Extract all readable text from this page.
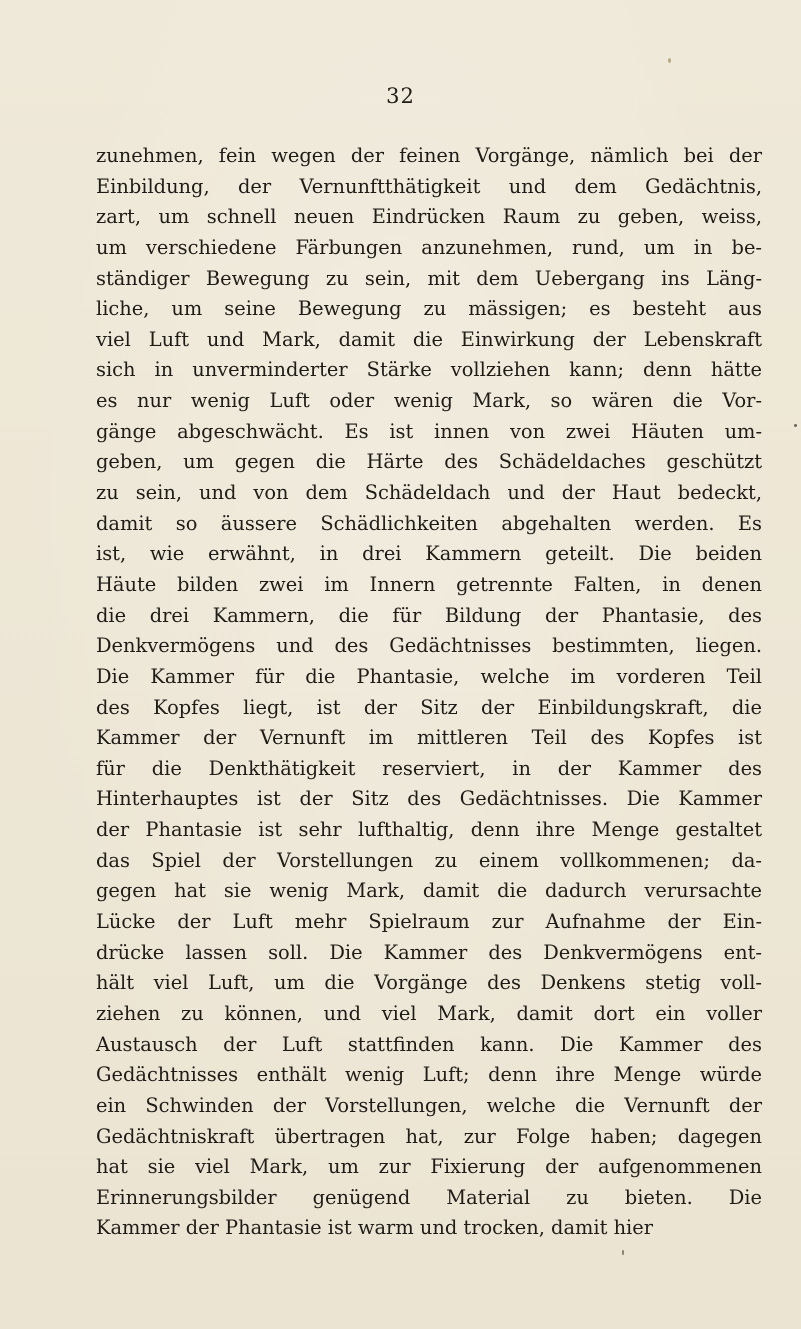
32
zunehmen, fein wegen der feinen Vorgänge, nämlich bei der
Einbildung, der Vernunftthätigkeit und dem Gedächtnis,
zart, um schnell neuen Eindrücken Raum zu geben, weiss,
um verschiedene Färbungen anzunehmen, rund, um in be-
ständiger Bewegung zu sein, mit dem Uebergang ins Läng-
liche, um seine Bewegung zu mässigen; es besteht aus
viel Luft und Mark, damit die Einwirkung der Lebenskraft
sich in unverminderter Stärke vollziehen kann; denn hätte
es nur wenig Luft oder wenig Mark, so wären die Vor-
gänge abgeschwächt. Es ist innen von zwei Häuten um-
geben, um gegen die Härte des Schädeldaches geschützt
zu sein, und von dem Schädeldach und der Haut bedeckt,
damit so äussere Schädlichkeiten abgehalten werden. Es
ist, wie erwähnt, in drei Kammern geteilt. Die beiden
Häute bilden zwei im Innern getrennte Falten, in denen
die drei Kammern, die für Bildung der Phantasie, des
Denkvermögens und des Gedächtnisses bestimmten, liegen.
Die Kammer für die Phantasie, welche im vorderen Teil
des Kopfes liegt, ist der Sitz der Einbildungskraft, die
Kammer der Vernunft im mittleren Teil des Kopfes ist
für die Denkthätigkeit reserviert, in der Kammer des
Hinterhauptes ist der Sitz des Gedächtnisses. Die Kammer
der Phantasie ist sehr lufthaltig, denn ihre Menge gestaltet
das Spiel der Vorstellungen zu einem vollkommenen; da-
gegen hat sie wenig Mark, damit die dadurch verursachte
Lücke der Luft mehr Spielraum zur Aufnahme der Ein-
drücke lassen soll. Die Kammer des Denkvermögens ent-
hält viel Luft, um die Vorgänge des Denkens stetig voll-
ziehen zu können, und viel Mark, damit dort ein voller
Austausch der Luft stattfinden kann. Die Kammer des
Gedächtnisses enthält wenig Luft; denn ihre Menge würde
ein Schwinden der Vorstellungen, welche die Vernunft der
Gedächtniskraft übertragen hat, zur Folge haben; dagegen
hat sie viel Mark, um zur Fixierung der aufgenommenen
Erinnerungsbilder genügend Material zu bieten. Die
Kammer der Phantasie ist warm und trocken, damit hier
